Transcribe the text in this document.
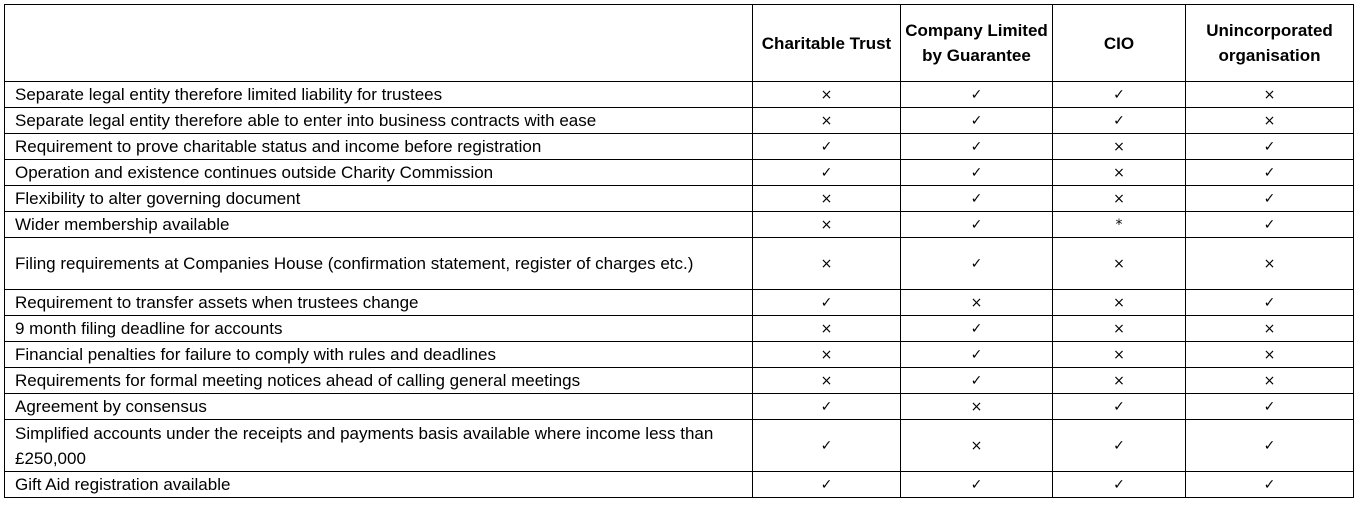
	Charitable Trust	Company Limited by Guarantee	CIO	Unincorporated organisation
Separate legal entity therefore limited liability for trustees	×	✓	✓	×
Separate legal entity therefore able to enter into business contracts with ease	×	✓	✓	×
Requirement to prove charitable status and income before registration	✓	✓	×	✓
Operation and existence continues outside Charity Commission	✓	✓	×	✓
Flexibility to alter governing document	×	✓	×	✓
Wider membership available	×	✓	*	✓
Filing requirements at Companies House (confirmation statement, register of charges etc.)	×	✓	×	×
Requirement to transfer assets when trustees change	✓	×	×	✓
9 month filing deadline for accounts	×	✓	×	×
Financial penalties for failure to comply with rules and deadlines	×	✓	×	×
Requirements for formal meeting notices ahead of calling general meetings	×	✓	×	×
Agreement by consensus	✓	×	✓	✓
Simplified accounts under the receipts and payments basis available where income less than £250,000	✓	×	✓	✓
Gift Aid registration available	✓	✓	✓	✓
